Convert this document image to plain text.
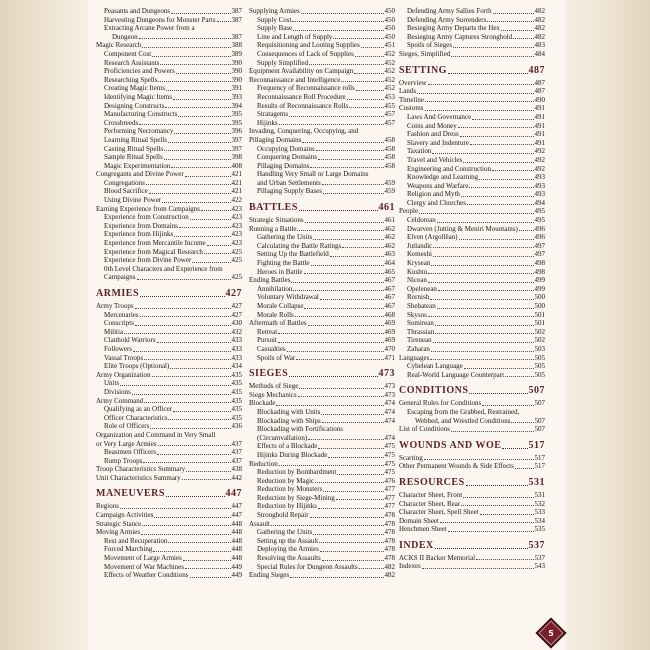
Peasants and Dungeons	387
Harvesting Dungeons for Monster Parts 387
Extracting Arcane Power from a
Dungeon	387
Magic Research	388
Component Cost	389
Research Assistants	390
Proficiencies and Powers	390
Researching Spells	390
Creating Magic Items	391
Identifying Magic Items	393
Designing Constructs	394
Manufacturing Constructs	395
Crossbreeds	395
Performing Necromancy	396
Learning Ritual Spells	397
Casting Ritual Spells	397
Sample Ritual Spells	398
Magic Experimentation	408
Congregants and Divine Power	421
Congregations	421
Blood Sacrifice	421
Using Divine Power	422
Earning Experience from Campaigns	423
Experience from Construction	423
Experience from Domains	423
Experience from Hijinks	423
Experience from Mercantile Income	423
Experience from Magical Research	425
Experience from Divine Power	425
0th Level Characters and Experience from
Campaigns	425
ARMIES	427
Army Troops	427
Mercenaries	427
Conscripts	430
Militia	432
Clanhold Warriors	433
Followers	433
Vassal Troops	433
Elite Troops (Optional)	434
Army Organization	435
Units	435
Divisions	435
Army Command	435
Qualifying as an Officer	435
Officer Characteristics	435
Role of Officers	436
Organization and Command in Very Small
or Very Large Armies	437
Beastmen Officers	437
Rump Troops	437
Troop Characteristics Summary	438
Unit Characteristics Summary	442
MANEUVERS	447
Regions	447
Campaign Activities	447
Strategic Stance	448
Moving Armies	448
Rest and Recuperation	448
Forced Marching	448
Movement of Large Armies	448
Movement of War Machines	449
Effects of Weather Conditions	449
Supplying Armies	450
Supply Cost	450
Supply Base	450
Line and Length of Supply	450
Requisitioning and Looting Supplies	451
Consequences of Lack of Supplies	452
Supply Simplified	452
Equipment Availability on Campaign	452
Reconnaissance and Intelligence	452
Frequency of Reconnaissance rolls	452
Reconnaissance Roll Procedure	453
Results of Reconnaissance Rolls	455
Stratagems	457
Hijinks	457
Invading, Conquering, Occupying, and
Pillaging Domains	458
Occupying Domains	458
Conquering Domains	458
Pillaging Domains	458
Handling Very Small or Large Domains
and Urban Settlements	459
Pillaging Supply Bases	459
BATTLES	461
Strategic Situations	461
Running a Battle	462
Gathering the Units	462
Calculating the Battle Ratings	462
Setting Up the Battlefield	463
Fighting the Battle	464
Heroes in Battle	465
Ending Battles	467
Annihilation	467
Voluntary Withdrawal	467
Morale Collapse	467
Morale Rolls	468
Aftermath of Battles	469
Retreat	469
Pursuit	469
Casualties	470
Spoils of War	471
SIEGES	473
Methods of Siege	473
Siege Mechanics	473
Blockade	474
Blockading with Units	474
Blockading with Ships	474
Blockading with Fortifications
(Circumvallation)	474
Effects of a Blockade	475
Hijinks During Blockade	475
Reduction	475
Reduction by Bombardment	475
Reduction by Magic	476
Reduction by Monsters	477
Reduction by Siege-Mining	477
Reduction by Hijinks	477
Stronghold Repair	478
Assault	478
Gathering the Units	478
Setting up the Assault	478
Deploying the Armies	478
Resolving the Assaults	478
Special Rules for Dungeon Assaults	482
Ending Sieges	482
Defending Army Sallies Forth	482
Defending Army Surrenders	482
Besieging Army Departs the Hex	482
Besieging Army Captures Stronghold	482
Spoils of Sieges	483
Sieges, Simplified	484
SETTING	487
Overview	487
Lands	487
Timeline	490
Customs	491
Laws And Governance	491
Coins and Money	491
Fashion and Dress	491
Slavery and Indenture	491
Taxation	492
Travel and Vehicles	492
Engineering and Construction	492
Knowledge and Learning	493
Weapons and Warfare	493
Religion and Myth	493
Clergy and Churches	494
People	495
Celdorean	495
Dwarven (Jutting & Meniri Mountains) 496
Elven (Argollëan)	496
Jutlandic	497
Kemeshi	497
Krysean	498
Kushtu	498
Nicean	499
Opelenean	499
Rornish	500
Shebatean	500
Skysos	501
Somirean	501
Thrassian	502
Tirenean	502
Zaharan	503
Languages	505
Cybelean Language	505
Real-World Language Counterpart	505
CONDITIONS	507
General Rules for Conditions	507
Escaping from the Grabbed, Restrained,
Webbed, and Wrestled Conditions	507
List of Conditions	507
WOUNDS AND WOE	517
Scarring	517
Other Permanent Wounds & Side Effects	517
RESOURCES	531
Character Sheet, Front	531
Character Sheet, Rear	532
Character Sheet, Spell Sheet	533
Domain Sheet	534
Henchmen Sheet	535
INDEX	537
ACKS II Backer Memorial	537
Indexes	543
5
